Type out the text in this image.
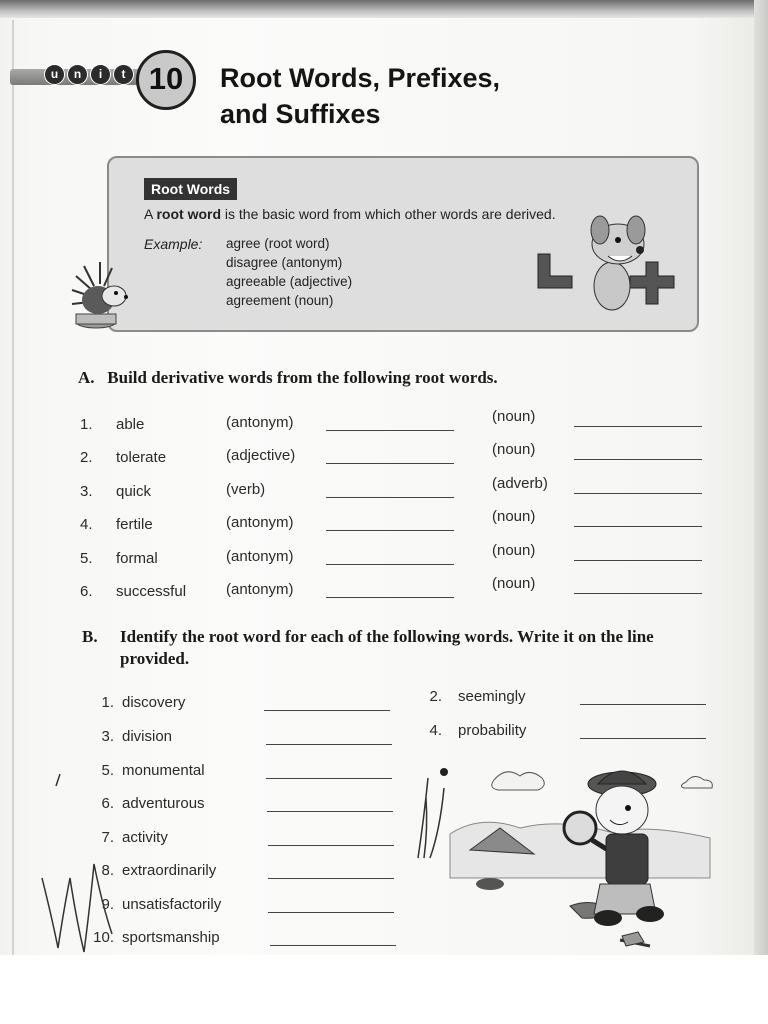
u	n	i	t 10	Root Words, Prefixes,
and Suffixes
Root Words
A root word is the basic word from which other words are derived.
Example: agree (root word)
disagree (antonym)
agreeable (adjective)
agreement (noun)
A. Build derivative words from the following root words.
1. able	(antonym)	(noun)
2. tolerate	(adjective)	(noun)
3. quick	(verb)	(adverb)
4. fertile	(antonym)	(noun)
5. formal	(antonym)	(noun)
6. successful	(antonym)	(noun)
B. Identify the root word for each of the following words. Write it on the line provided.
1. discovery
3. division
5. monumental
6. adventurous
7. activity
8. extraordinarily
9. unsatisfactorily
10. sportsmanship
2. seemingly
4. probability
